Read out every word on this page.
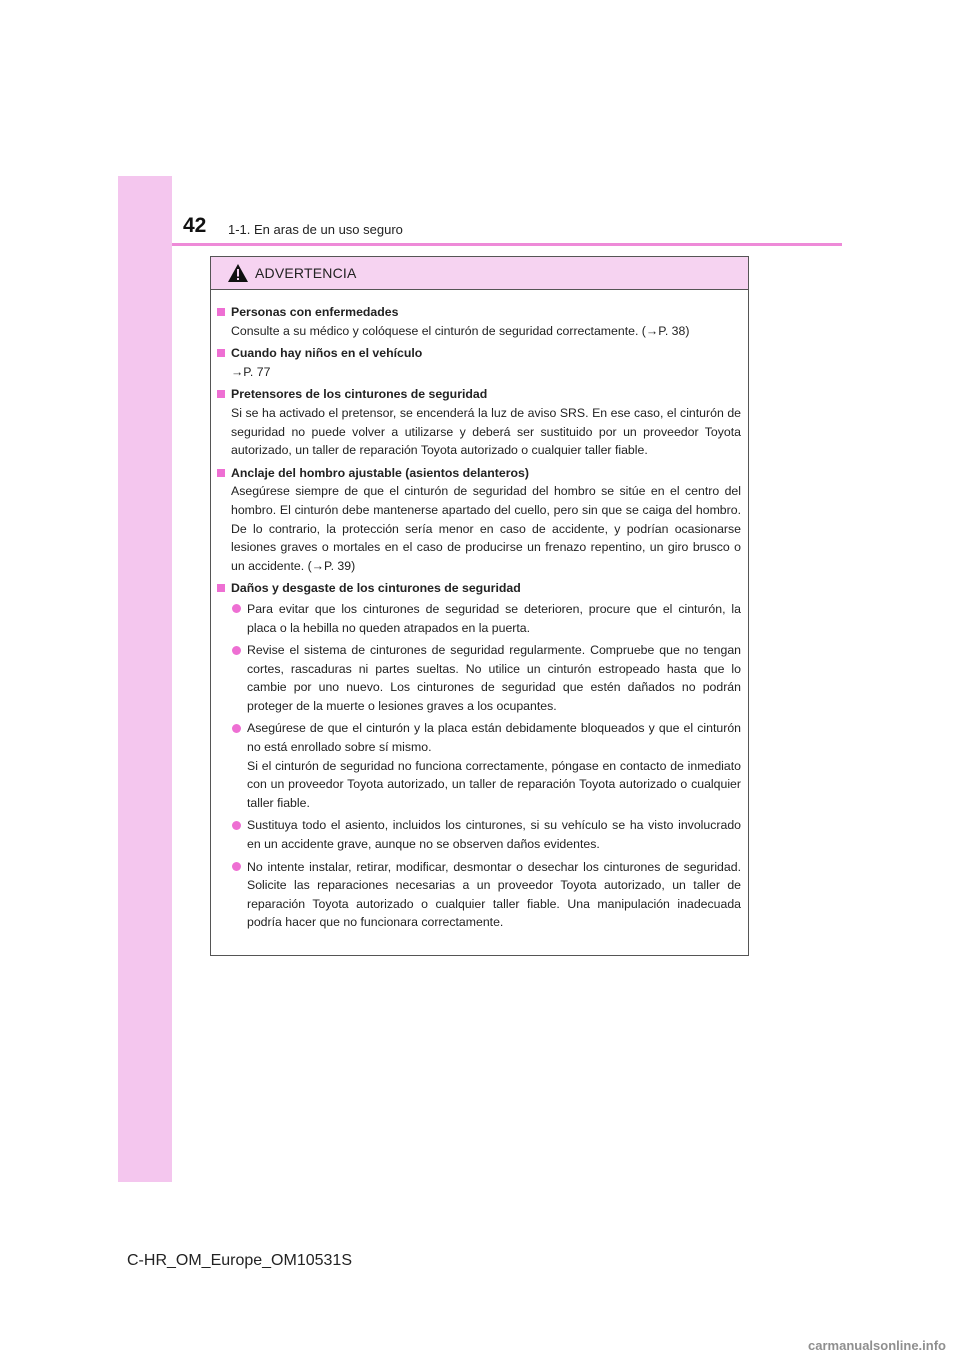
42 1-1. En aras de un uso seguro
ADVERTENCIA
Personas con enfermedades
Consulte a su médico y colóquese el cinturón de seguridad correctamente. (→P. 38)
Cuando hay niños en el vehículo
→P. 77
Pretensores de los cinturones de seguridad
Si se ha activado el pretensor, se encenderá la luz de aviso SRS. En ese caso, el cinturón de seguridad no puede volver a utilizarse y deberá ser sustituido por un proveedor Toyota autorizado, un taller de reparación Toyota autorizado o cualquier taller fiable.
Anclaje del hombro ajustable (asientos delanteros)
Asegúrese siempre de que el cinturón de seguridad del hombro se sitúe en el centro del hombro. El cinturón debe mantenerse apartado del cuello, pero sin que se caiga del hombro. De lo contrario, la protección sería menor en caso de accidente, y podrían ocasionarse lesiones graves o mortales en el caso de producirse un frenazo repentino, un giro brusco o un accidente. (→P. 39)
Daños y desgaste de los cinturones de seguridad
Para evitar que los cinturones de seguridad se deterioren, procure que el cinturón, la placa o la hebilla no queden atrapados en la puerta.
Revise el sistema de cinturones de seguridad regularmente. Compruebe que no tengan cortes, rascaduras ni partes sueltas. No utilice un cinturón estropeado hasta que lo cambie por uno nuevo. Los cinturones de seguridad que estén dañados no podrán proteger de la muerte o lesiones graves a los ocupantes.
Asegúrese de que el cinturón y la placa están debidamente bloqueados y que el cinturón no está enrollado sobre sí mismo.
Si el cinturón de seguridad no funciona correctamente, póngase en contacto de inmediato con un proveedor Toyota autorizado, un taller de reparación Toyota autorizado o cualquier taller fiable.
Sustituya todo el asiento, incluidos los cinturones, si su vehículo se ha visto involucrado en un accidente grave, aunque no se observen daños evidentes.
No intente instalar, retirar, modificar, desmontar o desechar los cinturones de seguridad. Solicite las reparaciones necesarias a un proveedor Toyota autorizado, un taller de reparación Toyota autorizado o cualquier taller fiable. Una manipulación inadecuada podría hacer que no funcionara correctamente.
C-HR_OM_Europe_OM10531S
carmanualsonline.info
